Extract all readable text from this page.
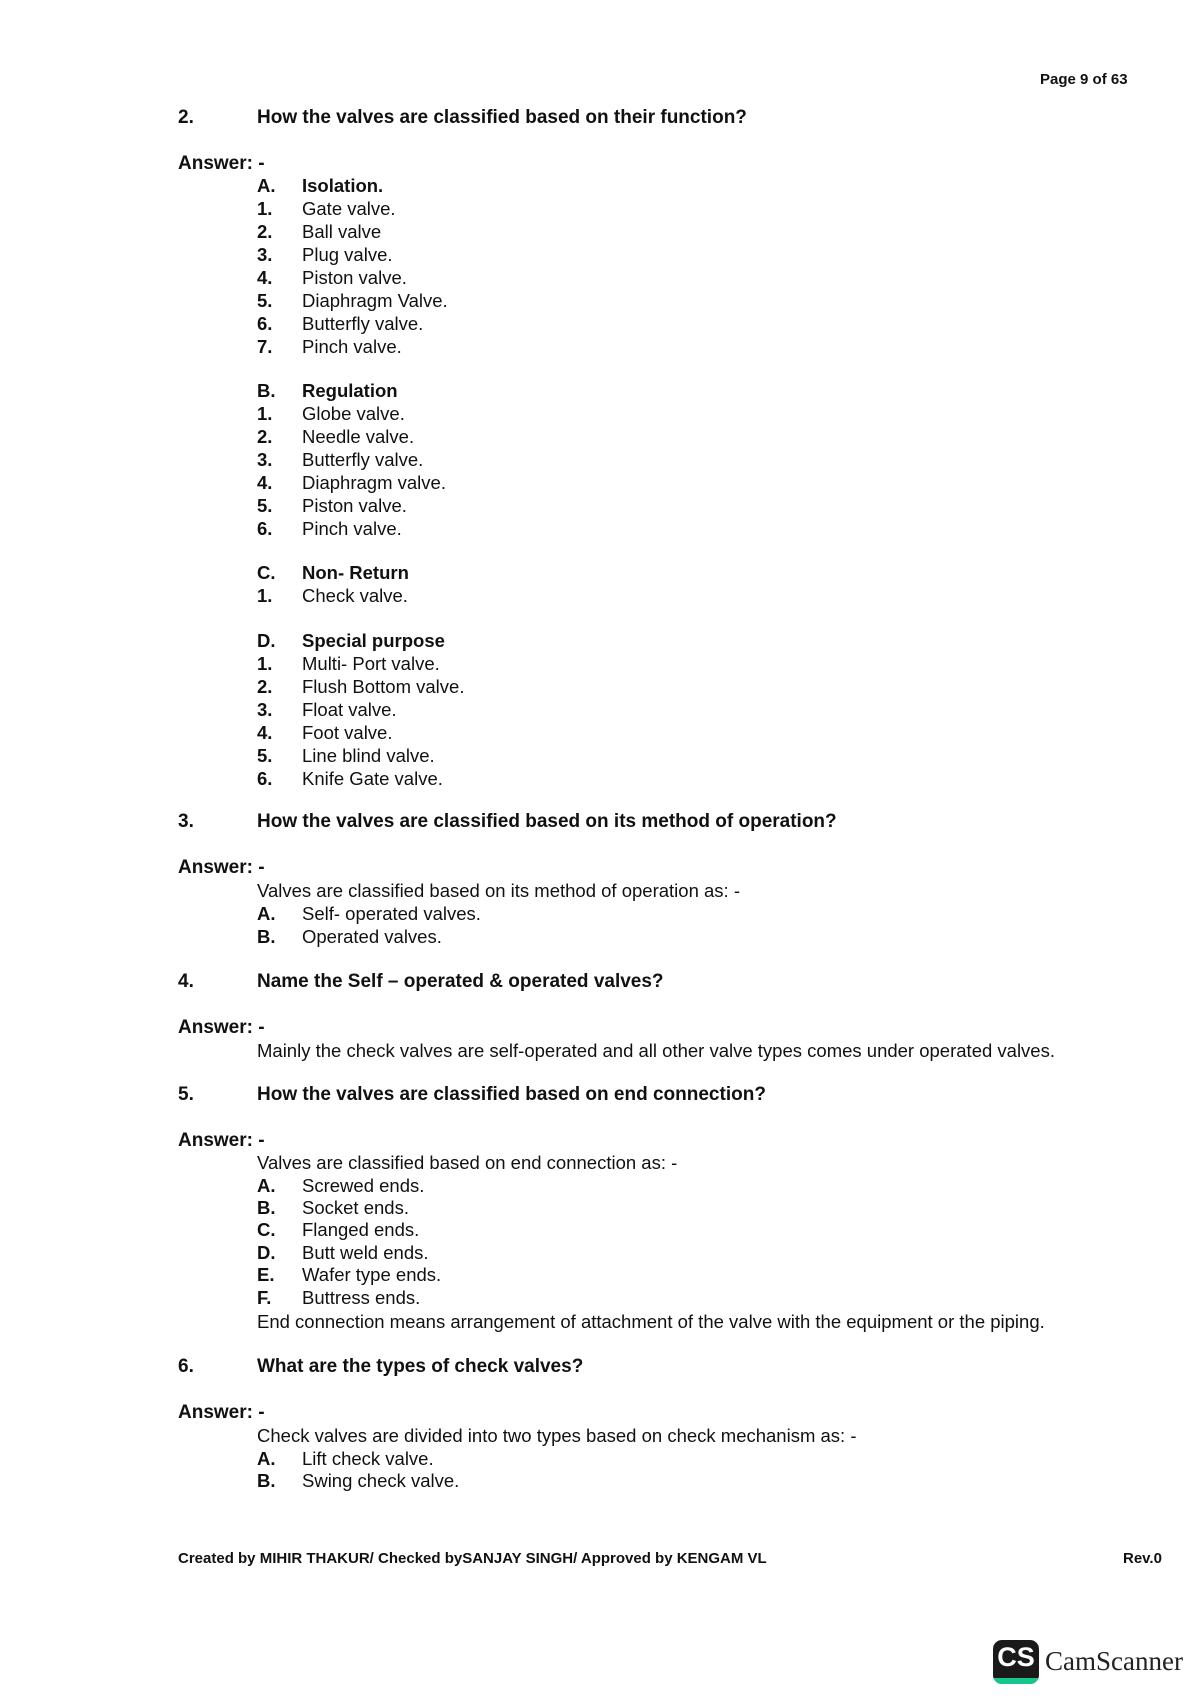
Page 9 of 63
2.	How the valves are classified based on their function?
Answer: -
A. Isolation.
1. Gate valve.
2. Ball valve
3. Plug valve.
4. Piston valve.
5. Diaphragm Valve.
6. Butterfly valve.
7. Pinch valve.
B. Regulation
1. Globe valve.
2. Needle valve.
3. Butterfly valve.
4. Diaphragm valve.
5. Piston valve.
6. Pinch valve.
C. Non- Return
1. Check valve.
D. Special purpose
1. Multi- Port valve.
2. Flush Bottom valve.
3. Float valve.
4. Foot valve.
5. Line blind valve.
6. Knife Gate valve.
3.	How the valves are classified based on its method of operation?
Answer: -
Valves are classified based on its method of operation as: -
A. Self- operated valves.
B. Operated valves.
4.	Name the Self – operated & operated valves?
Answer: -
Mainly the check valves are self-operated and all other valve types comes under operated valves.
5.	How the valves are classified based on end connection?
Answer: -
Valves are classified based on end connection as: -
A. Screwed ends.
B. Socket ends.
C. Flanged ends.
D. Butt weld ends.
E. Wafer type ends.
F. Buttress ends.
End connection means arrangement of attachment of the valve with the equipment or the piping.
6.	What are the types of check valves?
Answer: -
Check valves are divided into two types based on check mechanism as: -
A. Lift check valve.
B. Swing check valve.
Created by MIHIR THAKUR/ Checked bySANJAY SINGH/ Approved by KENGAM VL	Rev.0
CS CamScanner
